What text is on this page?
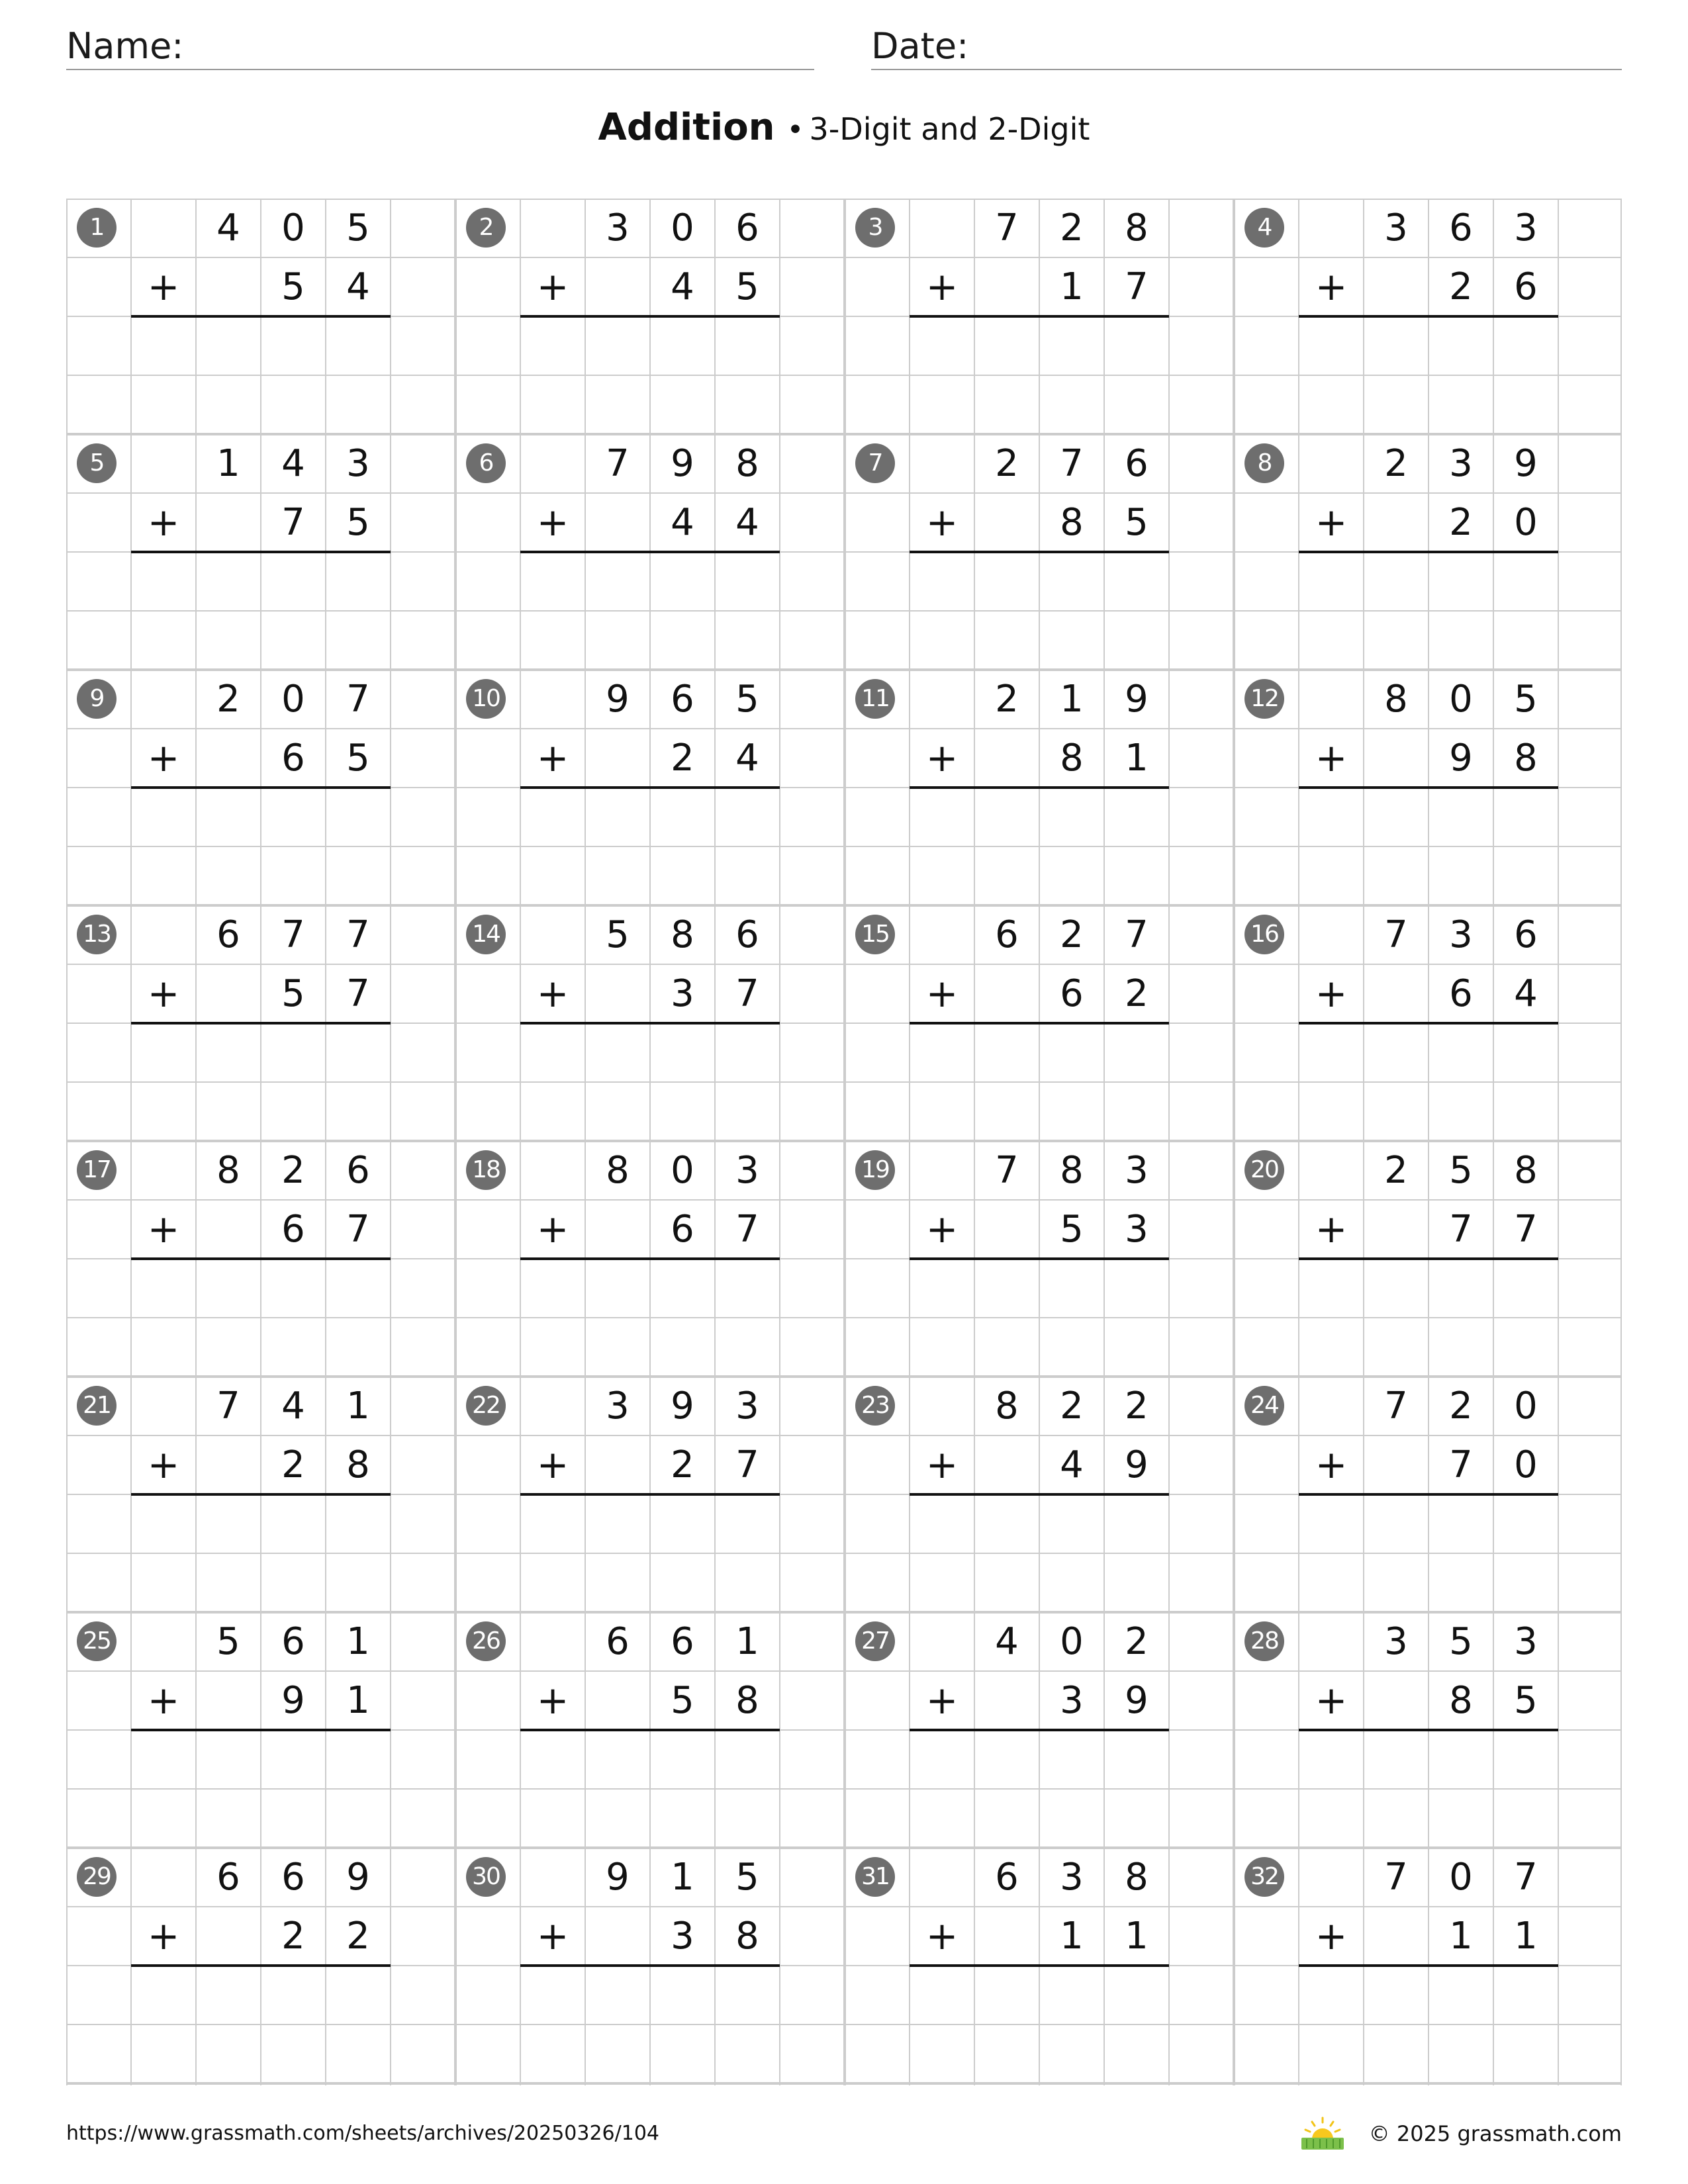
Name:	Date:
Addition • 3-Digit and 2-Digit
1	4	0	5
+	5	4
2	3	0	6
+	4	5
3	7	2	8
+	1	7
4	3	6	3
+	2	6
5	1	4	3
+	7	5
6	7	9	8
+	4	4
7	2	7	6
+	8	5
8	2	3	9
+	2	0
9	2	0	7
+	6	5
10	9	6	5
+	2	4
11	2	1	9
+	8	1
12	8	0	5
+	9	8
13	6	7	7
+	5	7
14	5	8	6
+	3	7
15	6	2	7
+	6	2
16	7	3	6
+	6	4
17	8	2	6
+	6	7
18	8	0	3
+	6	7
19	7	8	3
+	5	3
20	2	5	8
+	7	7
21	7	4	1
+	2	8
22	3	9	3
+	2	7
23	8	2	2
+	4	9
24	7	2	0
+	7	0
25	5	6	1
+	9	1
26	6	6	1
+	5	8
27	4	0	2
+	3	9
28	3	5	3
+	8	5
29	6	6	9
+	2	2
30	9	1	5
+	3	8
31	6	3	8
+	1	1
32	7	0	7
+	1	1
https://www.grassmath.com/sheets/archives/20250326/104	© 2025 grassmath.com
